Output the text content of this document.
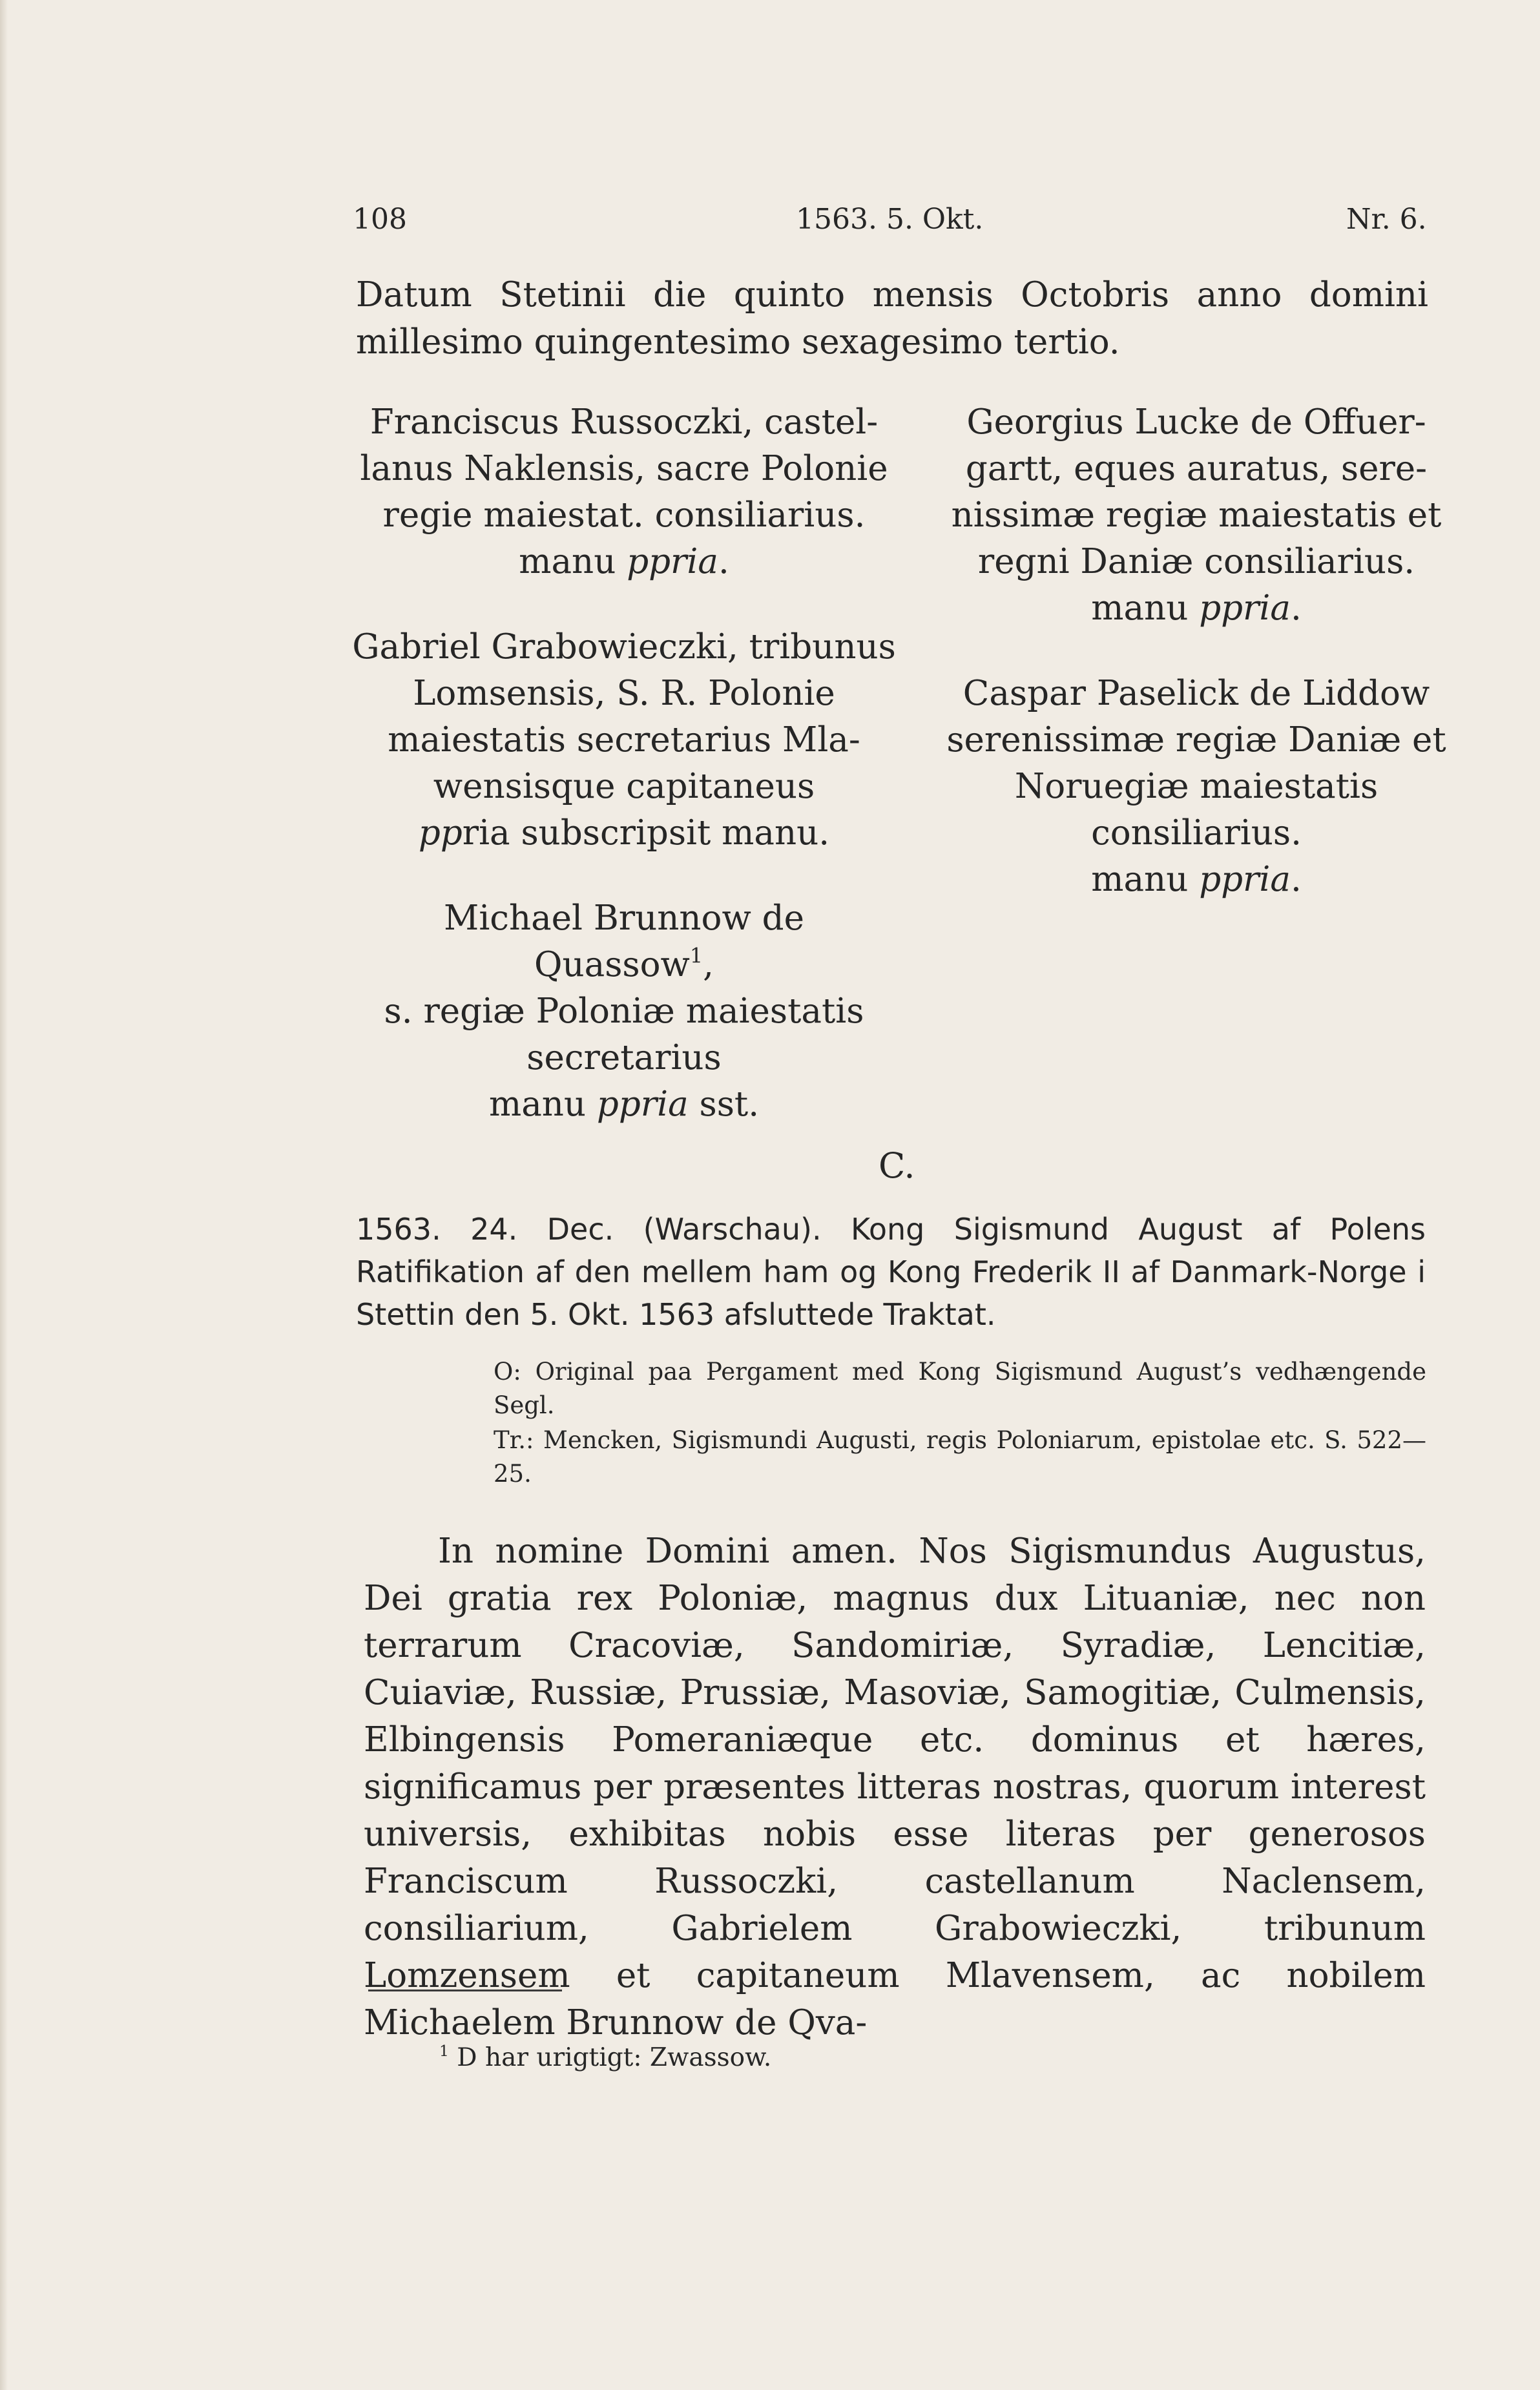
108	1563. 5. Okt.	Nr. 6.

Datum Stetinii die quinto mensis Octobris anno domini millesimo quingentesimo sexagesimo tertio.

Franciscus Russoczki, castel-
lanus Naklensis, sacre Polonie
regie maiestat. consiliarius.
manu ppria.
Gabriel Grabowieczki, tribunus
Lomsensis, S. R. Polonie
maiestatis secretarius Mla-
wensisque capitaneus
ppria subscripsit manu.
Michael Brunnow de Quassow$^1$,
s. regiæ Poloniæ maiestatis
secretarius
manu ppria sst.
Georgius Lucke de Offuer-
gartt, eques auratus, sere-
nissimæ regiæ maiestatis et
regni Daniæ consiliarius.
manu ppria.
Caspar Paselick de Liddow
serenissimæ regiæ Daniæ et
Noruegiæ maiestatis
consiliarius.
manu ppria.
C.

1563. 24. Dec. (Warschau). Kong Sigismund August af Polens Ratifikation af den mellem ham og Kong Frederik II af Danmark-Norge i Stettin den 5. Okt. 1563 afsluttede Traktat.

O: Original paa Pergament med Kong Sigismund August’s vedhængende Segl.

Tr.: Mencken, Sigismundi Augusti, regis Poloniarum, epistolae etc. S. 522—25.

In nomine Domini amen. Nos Sigismundus Augustus, Dei gratia rex Poloniæ, magnus dux Lituaniæ, nec non terrarum Cracoviæ, Sandomiriæ, Syradiæ, Lencitiæ, Cuiaviæ, Russiæ, Prussiæ, Masoviæ, Samogitiæ, Culmensis, Elbingensis Pomeraniæque etc. dominus et hæres, significamus per præsentes litteras nostras, quorum interest universis, exhibitas nobis esse literas per generosos Franciscum Russoczki, castellanum Naclensem, consiliarium, Gabrielem Grabowieczki, tribunum Lomzensem et capitaneum Mlavensem, ac nobilem Michaelem Brunnow de Qva-

$^1$ D har urigtigt: Zwassow.
